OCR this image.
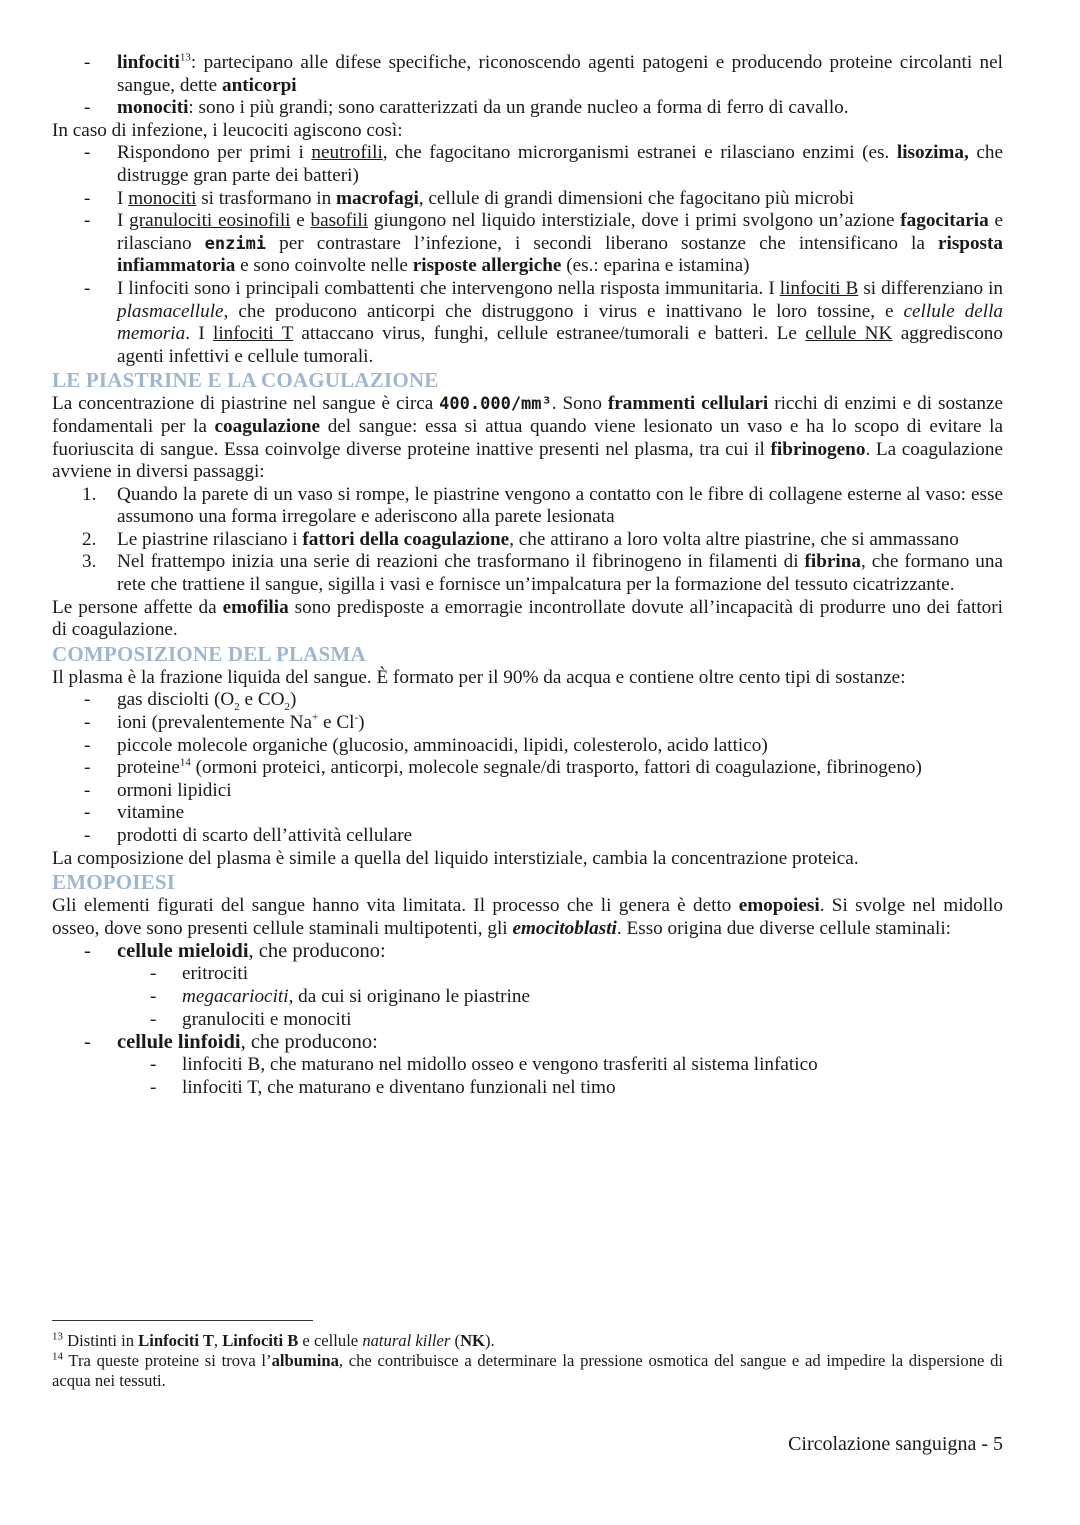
- linfociti$^{13}$: partecipano alle difese specifiche, riconoscendo agenti patogeni e producendo proteine circolanti nel sangue, dette anticorpi
- monociti: sono i più grandi; sono caratterizzati da un grande nucleo a forma di ferro di cavallo.

In caso di infezione, i leucociti agiscono così:

- Rispondono per primi i neutrofili, che fagocitano microrganismi estranei e rilasciano enzimi (es. lisozima, che distrugge gran parte dei batteri)
- I monociti si trasformano in macrofagi, cellule di grandi dimensioni che fagocitano più microbi
- I granulociti eosinofili e basofili giungono nel liquido interstiziale, dove i primi svolgono un’azione fagocitaria e rilasciano enzimi per contrastare l’infezione, i secondi liberano sostanze che intensificano la risposta infiammatoria e sono coinvolte nelle risposte allergiche (es.: eparina e istamina)
- I linfociti sono i principali combattenti che intervengono nella risposta immunitaria. I linfociti B si differenziano in plasmacellule, che producono anticorpi che distruggono i virus e inattivano le loro tossine, e cellule della memoria. I linfociti T attaccano virus, funghi, cellule estranee/tumorali e batteri. Le cellule NK aggrediscono agenti infettivi e cellule tumorali.
LE PIASTRINE E LA COAGULAZIONE

La concentrazione di piastrine nel sangue è circa 400.000/mm³. Sono frammenti cellulari ricchi di enzimi e di sostanze fondamentali per la coagulazione del sangue: essa si attua quando viene lesionato un vaso e ha lo scopo di evitare la fuoriuscita di sangue. Essa coinvolge diverse proteine inattive presenti nel plasma, tra cui il fibrinogeno. La coagulazione avviene in diversi passaggi:

1. Quando la parete di un vaso si rompe, le piastrine vengono a contatto con le fibre di collagene esterne al vaso: esse assumono una forma irregolare e aderiscono alla parete lesionata
2. Le piastrine rilasciano i fattori della coagulazione, che attirano a loro volta altre piastrine, che si ammassano
3. Nel frattempo inizia una serie di reazioni che trasformano il fibrinogeno in filamenti di fibrina, che formano una rete che trattiene il sangue, sigilla i vasi e fornisce un’impalcatura per la formazione del tessuto cicatrizzante.

Le persone affette da emofilia sono predisposte a emorragie incontrollate dovute all’incapacità di produrre uno dei fattori di coagulazione.

COMPOSIZIONE DEL PLASMA

Il plasma è la frazione liquida del sangue. È formato per il 90% da acqua e contiene oltre cento tipi di sostanze:

- gas disciolti ($O_2$ e $CO_2$)
- ioni (prevalentemente Na+ e Cl-)
- piccole molecole organiche (glucosio, amminoacidi, lipidi, colesterolo, acido lattico)
- proteine$^{14}$ (ormoni proteici, anticorpi, molecole segnale/di trasporto, fattori di coagulazione, fibrinogeno)
- ormoni lipidici
- vitamine
- prodotti di scarto dell’attività cellulare

La composizione del plasma è simile a quella del liquido interstiziale, cambia la concentrazione proteica.

EMOPOIESI

Gli elementi figurati del sangue hanno vita limitata. Il processo che li genera è detto emopoiesi. Si svolge nel midollo osseo, dove sono presenti cellule staminali multipotenti, gli emocitoblasti. Esso origina due diverse cellule staminali:

- cellule mieloidi, che producono:
- eritrociti
- megacariociti, da cui si originano le piastrine
- granulociti e monociti
- cellule linfoidi, che producono:
- linfociti B, che maturano nel midollo osseo e vengono trasferiti al sistema linfatico
- linfociti T, che maturano e diventano funzionali nel timo

$^{13}$ Distinti in Linfociti T, Linfociti B e cellule natural killer (NK).

$^{14}$ Tra queste proteine si trova l’albumina, che contribuisce a determinare la pressione osmotica del sangue e ad impedire la dispersione di acqua nei tessuti.

Circolazione sanguigna - 5
